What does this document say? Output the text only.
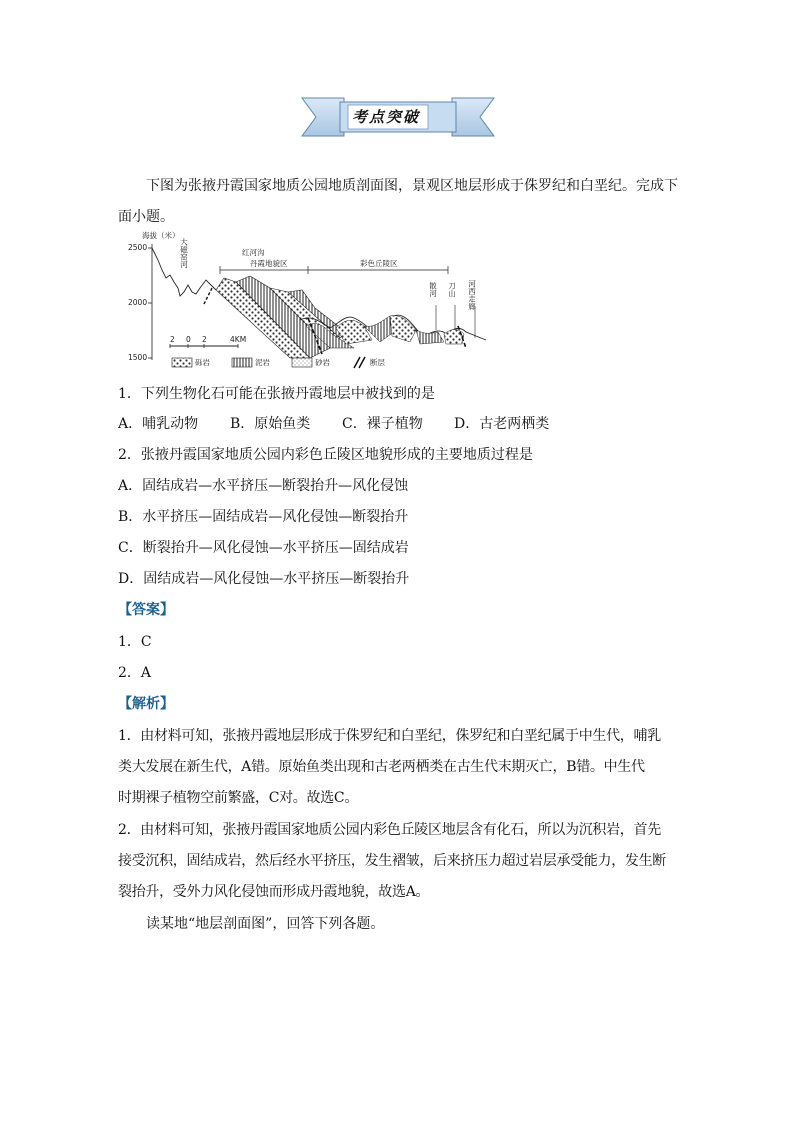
考点突破
下图为张掖丹霞国家地质公园地质剖面图，景观区地层形成于侏罗纪和白垩纪。完成下
面小题。
海拔（米）
2500
2000
1500
丹霞地貌区	彩色丘陵区
红河沟
大磁窑河
散河 刀山 河西走廊
2 0 2	4KM
砾岩	泥岩	砂岩	断层
1．下列生物化石可能在张掖丹霞地层中被找到的是
A．哺乳动物 B．原始鱼类 C．裸子植物 D．古老两栖类
2．张掖丹霞国家地质公园内彩色丘陵区地貌形成的主要地质过程是
A．固结成岩—水平挤压—断裂抬升—风化侵蚀
B．水平挤压—固结成岩—风化侵蚀—断裂抬升
C．断裂抬升—风化侵蚀—水平挤压—固结成岩
D．固结成岩—风化侵蚀—水平挤压—断裂抬升
【答案】
1．C
2．A
【解析】
1．由材料可知，张掖丹霞地层形成于侏罗纪和白垩纪，侏罗纪和白垩纪属于中生代，哺乳
类大发展在新生代，A错。原始鱼类出现和古老两栖类在古生代末期灭亡，B错。中生代
时期裸子植物空前繁盛，C对。故选C。
2．由材料可知，张掖丹霞国家地质公园内彩色丘陵区地层含有化石，所以为沉积岩，首先
接受沉积，固结成岩，然后经水平挤压，发生褶皱，后来挤压力超过岩层承受能力，发生断
裂抬升，受外力风化侵蚀而形成丹霞地貌，故选A。
读某地“地层剖面图”，回答下列各题。
